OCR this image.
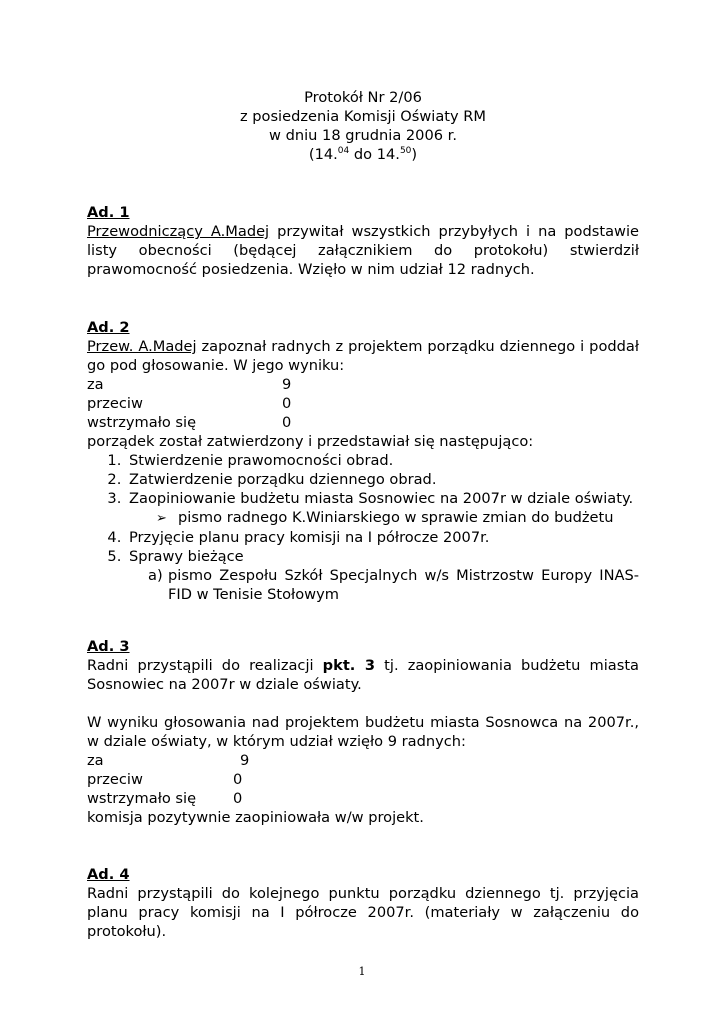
Protokół Nr 2/06
z posiedzenia Komisji Oświaty RM
w dniu 18 grudnia 2006 r.
(14.04 do 14.50)
Ad. 1

Przewodniczący A.Madej przywitał wszystkich przybyłych i na podstawie listy obecności (będącej załącznikiem do protokołu) stwierdził prawomocność posiedzenia. Wzięło w nim udział 12 radnych.

Ad. 2

Przew. A.Madej zapoznał radnych z projektem porządku dziennego i poddał go pod głosowanie. W jego wyniku:

za	9
przeciw	0
wstrzymało się	0
porządek został zatwierdzony i przedstawiał się następująco:
1. Stwierdzenie prawomocności obrad.
2. Zatwierdzenie porządku dziennego obrad.
3. Zaopiniowanie budżetu miasta Sosnowiec na 2007r w dziale oświaty.
➢ pismo radnego K.Winiarskiego w sprawie zmian do budżetu
4. Przyjęcie planu pracy komisji na I półrocze 2007r.
5. Sprawy bieżące
a) pismo Zespołu Szkół Specjalnych w/s Mistrzostw Europy INAS-FID w Tenisie Stołowym
Ad. 3

Radni przystąpili do realizacji pkt. 3 tj. zaopiniowania budżetu miasta Sosnowiec na 2007r w dziale oświaty.

W wyniku głosowania nad projektem budżetu miasta Sosnowca na 2007r., w dziale oświaty, w którym udział wzięło 9 radnych:

za	9
przeciw	0
wstrzymało się	0
komisja pozytywnie zaopiniowała w/w projekt.
Ad. 4

Radni przystąpili do kolejnego punktu porządku dziennego tj. przyjęcia planu pracy komisji na I półrocze 2007r. (materiały w załączeniu do protokołu).

1
